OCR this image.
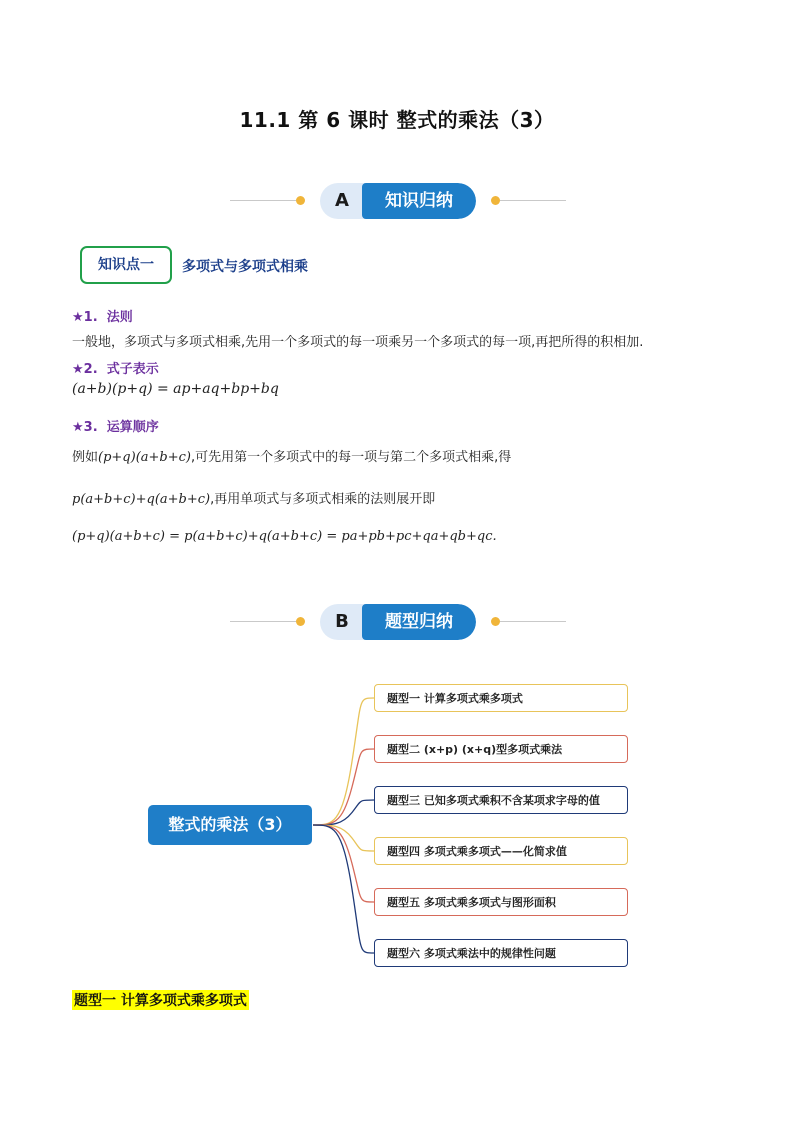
11.1 第 6 课时 整式的乘法（3）
A	知识归纳
知识点一	多项式与多项式相乘
★1. 法则
一般地，多项式与多项式相乘,先用一个多项式的每一项乘另一个多项式的每一项,再把所得的积相加.
★2. 式子表示
(a+b)(p+q) = ap+aq+bp+bq
★3. 运算顺序
例如(p+q)(a+b+c),可先用第一个多项式中的每一项与第二个多项式相乘,得
p(a+b+c)+q(a+b+c),再用单项式与多项式相乘的法则展开即
(p+q)(a+b+c) = p(a+b+c)+q(a+b+c) = pa+pb+pc+qa+qb+qc.
B	题型归纳
整式的乘法（3）
题型一 计算多项式乘多项式
题型二 (x+p) (x+q)型多项式乘法
题型三 已知多项式乘积不含某项求字母的值
题型四 多项式乘多项式——化简求值
题型五 多项式乘多项式与图形面积
题型六 多项式乘法中的规律性问题
题型一 计算多项式乘多项式
